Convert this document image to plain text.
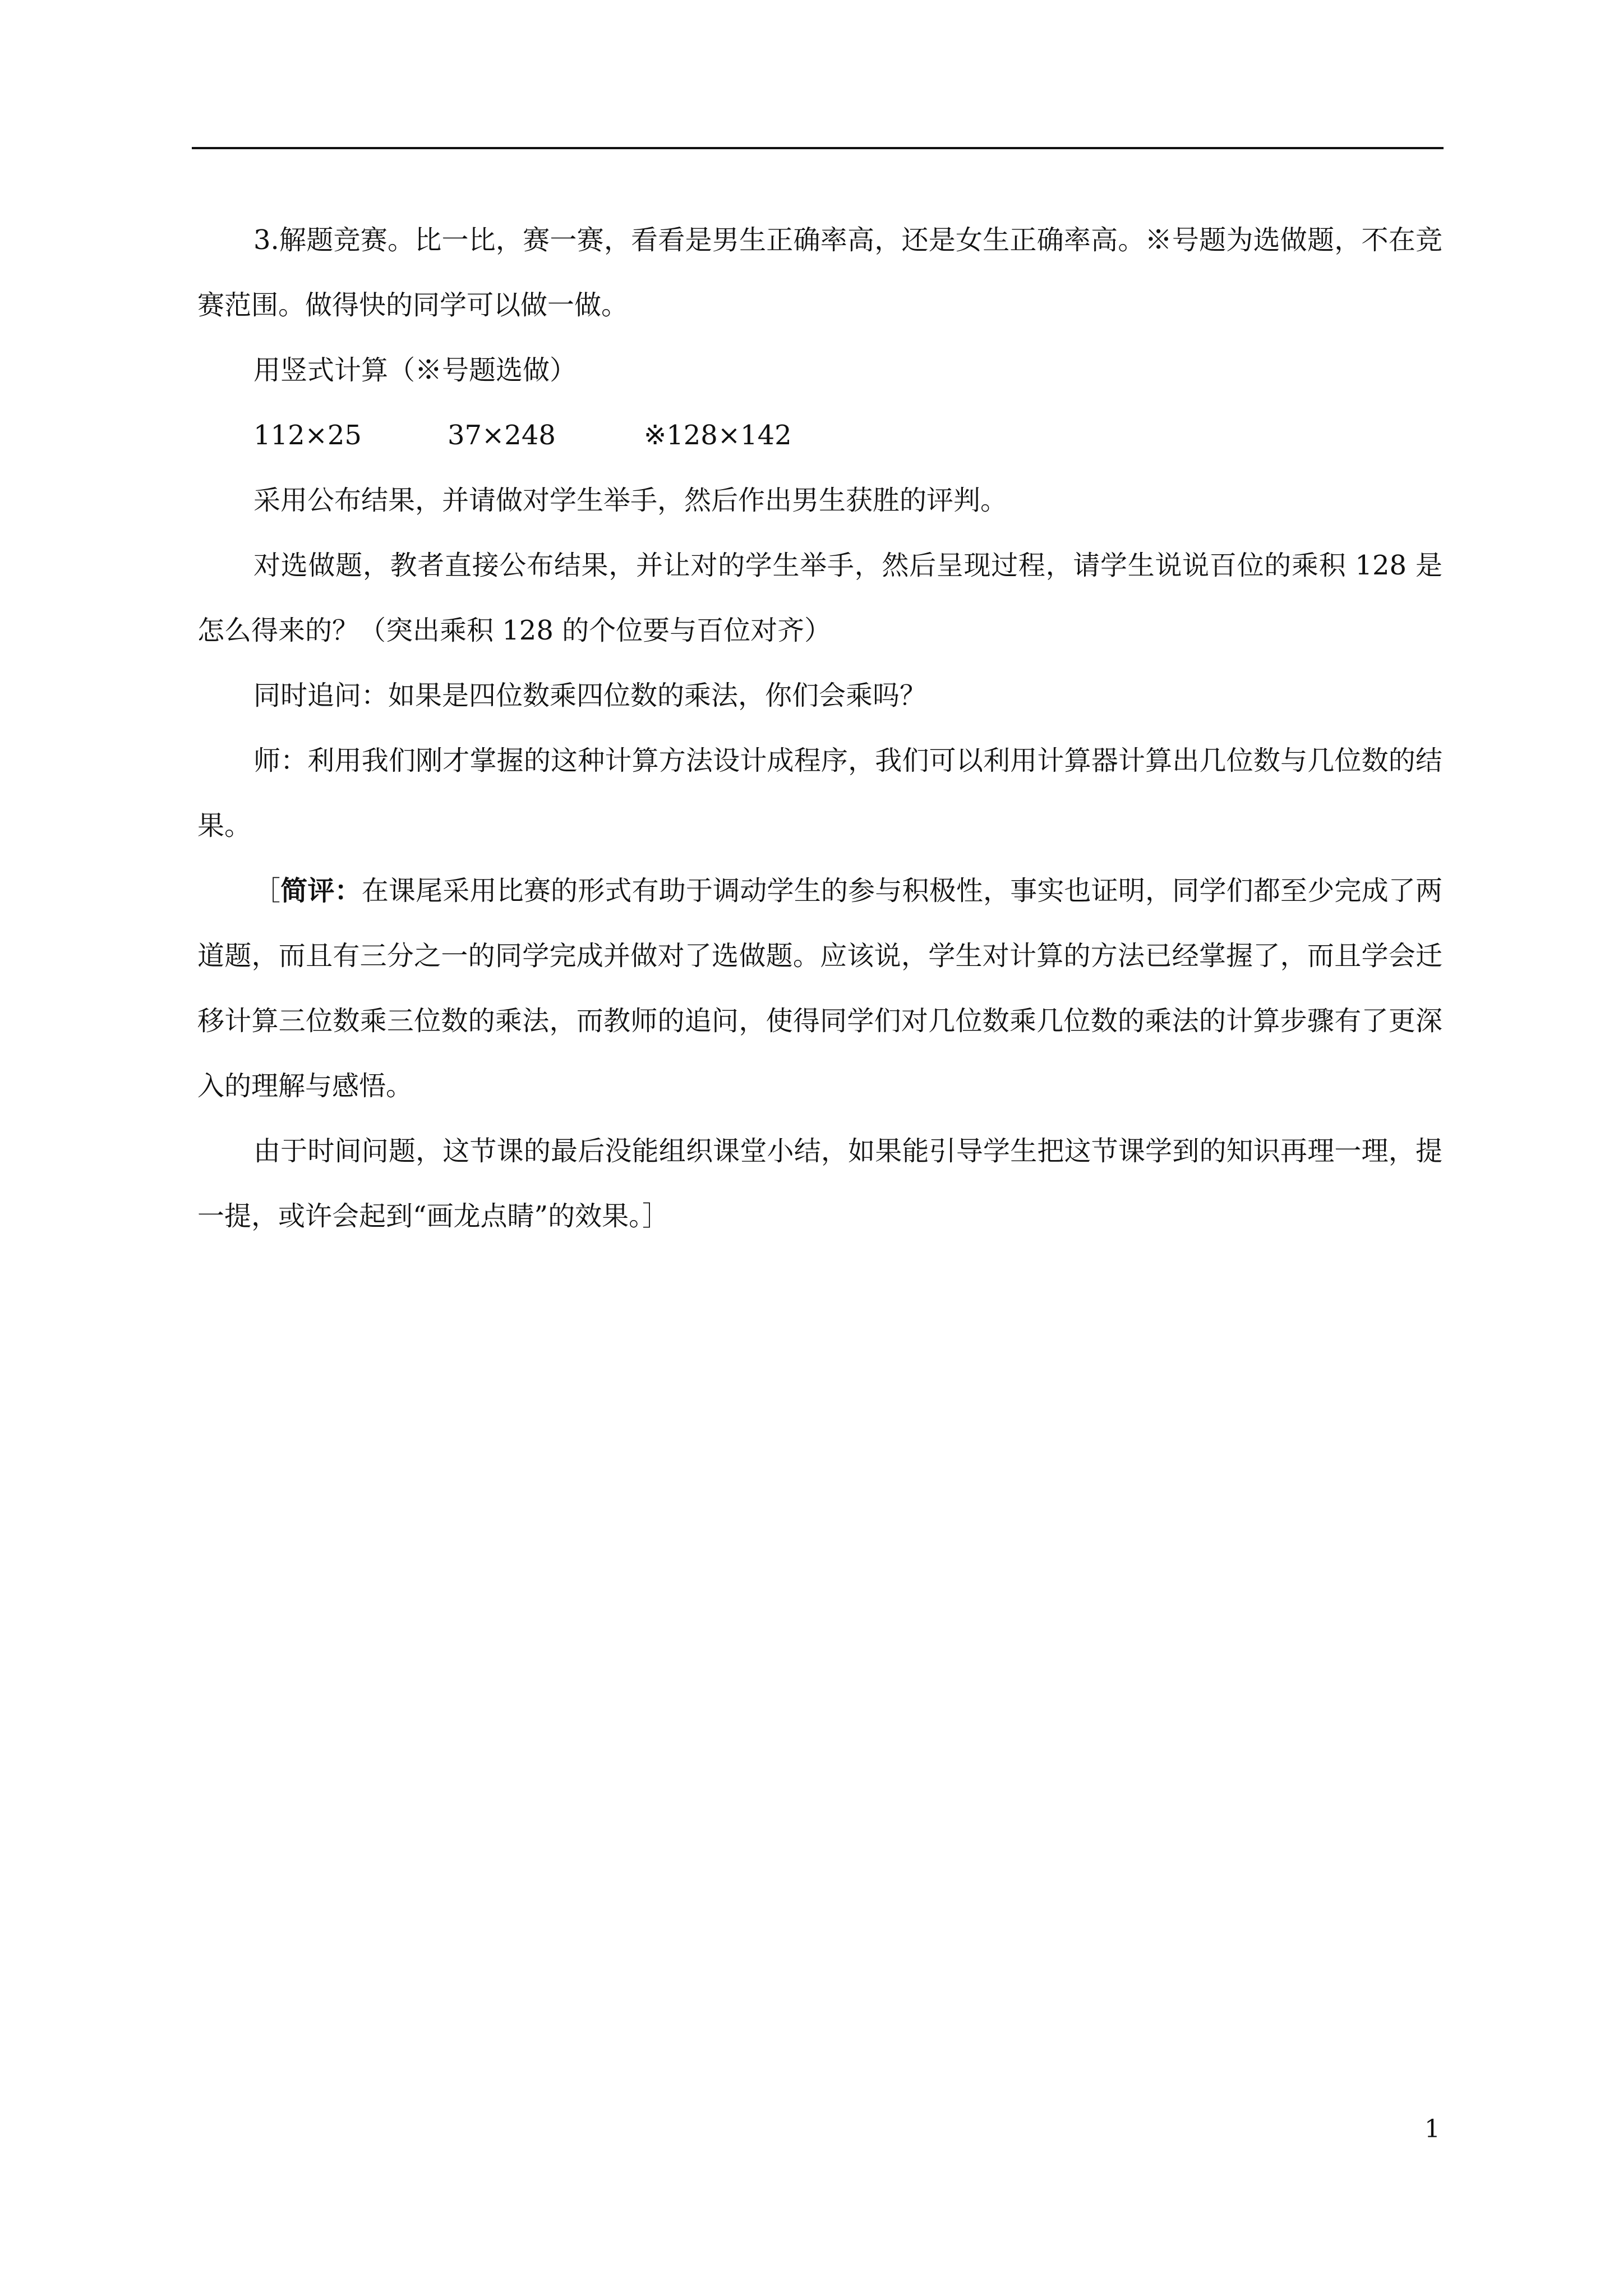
3.解题竞赛。比一比，赛一赛，看看是男生正确率高，还是女生正确率高。※号题为选做题，不在竞赛范围。做得快的同学可以做一做。

用竖式计算（※号题选做）

112×25	37×248	※128×142

采用公布结果，并请做对学生举手，然后作出男生获胜的评判。

对选做题，教者直接公布结果，并让对的学生举手，然后呈现过程，请学生说说百位的乘积 128 是怎么得来的？（突出乘积 128 的个位要与百位对齐）

同时追问：如果是四位数乘四位数的乘法，你们会乘吗？

师：利用我们刚才掌握的这种计算方法设计成程序，我们可以利用计算器计算出几位数与几位数的结果。

［简评：在课尾采用比赛的形式有助于调动学生的参与积极性，事实也证明，同学们都至少完成了两道题，而且有三分之一的同学完成并做对了选做题。应该说，学生对计算的方法已经掌握了，而且学会迁移计算三位数乘三位数的乘法，而教师的追问，使得同学们对几位数乘几位数的乘法的计算步骤有了更深入的理解与感悟。

由于时间问题，这节课的最后没能组织课堂小结，如果能引导学生把这节课学到的知识再理一理，提一提，或许会起到“画龙点睛”的效果。］

1
